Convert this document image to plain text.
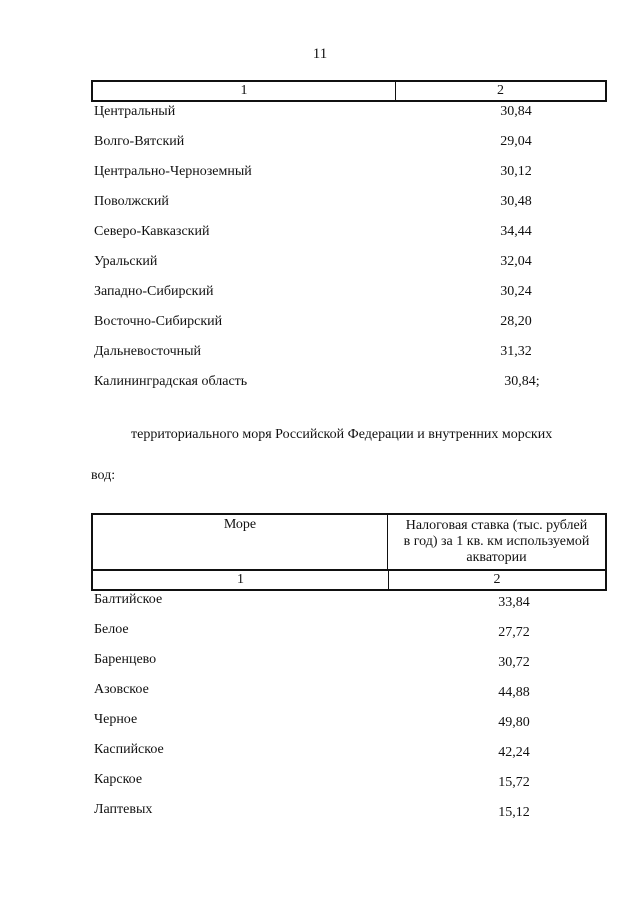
11
1	2
Центральный	30,84
Волго-Вятский	29,04
Центрально-Черноземный	30,12
Поволжский	30,48
Северо-Кавказский	34,44
Уральский	32,04
Западно-Сибирский	30,24
Восточно-Сибирский	28,20
Дальневосточный	31,32
Калининградская область	30,84;
территориального моря Российской Федерации и внутренних морских
вод:
Море	Налоговая ставка (тыс. рублей
в год) за 1 кв. км используемой
акватории
1	2
Балтийское	33,84
Белое	27,72
Баренцево	30,72
Азовское	44,88
Черное	49,80
Каспийское	42,24
Карское	15,72
Лаптевых	15,12
